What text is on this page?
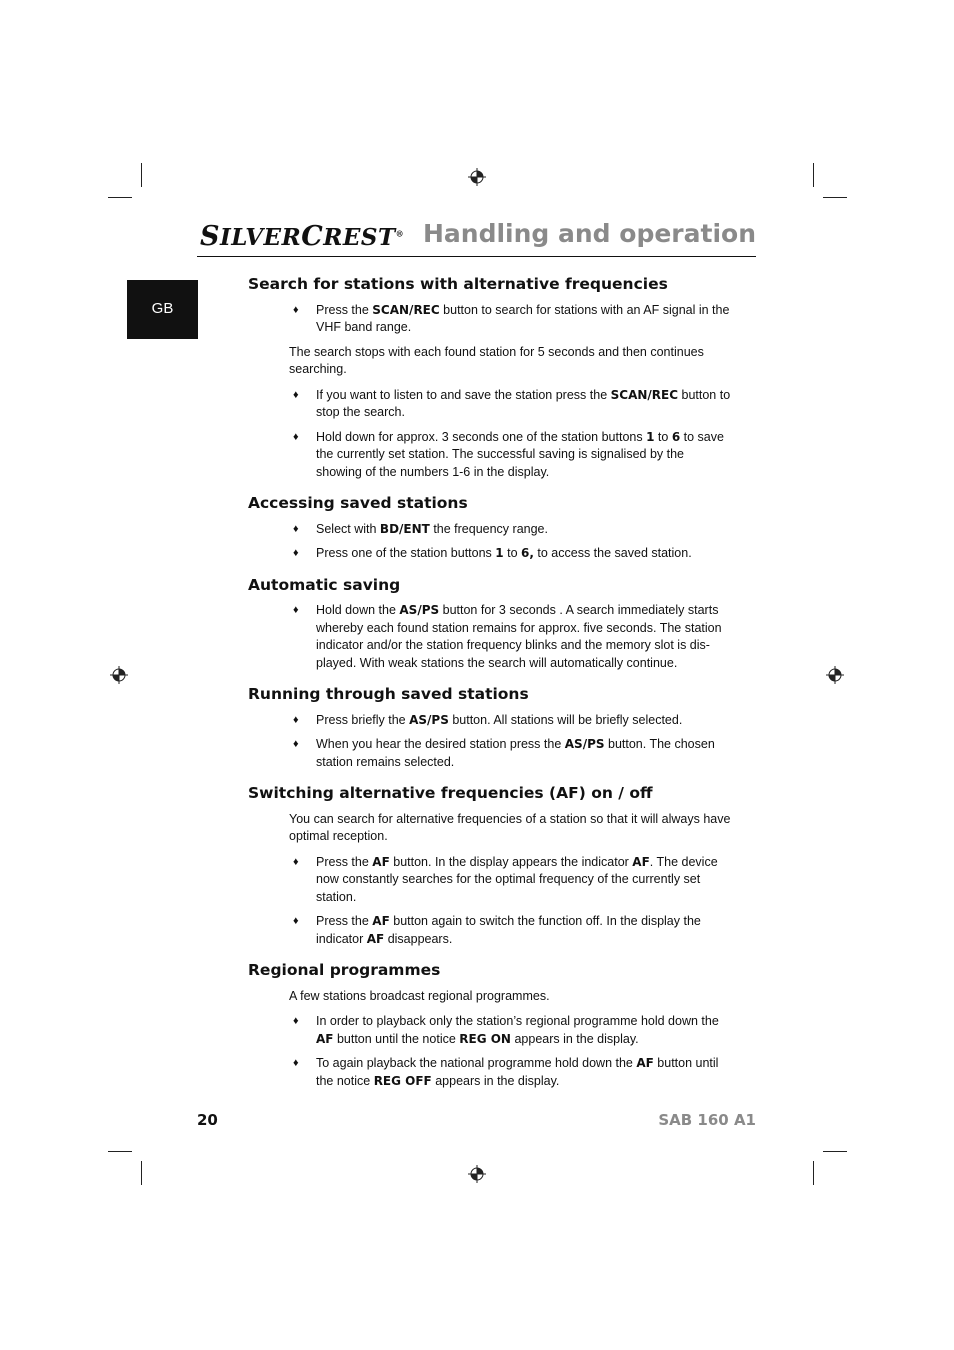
SILVERCREST® Handling and operation
GB
Search for stations with alternative frequencies
♦ Press the SCAN/REC button to search for stations with an AF signal in the VHF band range.

The search stops with each found station for 5 seconds and then continues searching.

♦ If you want to listen to and save the station press the SCAN/REC button to stop the search.
♦ Hold down for approx. 3 seconds one of the station buttons 1 to 6 to save the currently set station. The successful saving is signalised by the showing of the numbers 1-6 in the display.
Accessing saved stations
♦ Select with BD/ENT the frequency range.
♦ Press one of the station buttons 1 to 6, to access the saved station.
Automatic saving
♦ Hold down the AS/PS button for 3 seconds . A search immediately starts whereby each found station remains for approx. five seconds. The station indicator and/or the station frequency blinks and the memory slot is dis-played. With weak stations the search will automatically continue.
Running through saved stations
♦ Press briefly the AS/PS button. All stations will be briefly selected.
♦ When you hear the desired station press the AS/PS button. The chosen station remains selected.
Switching alternative frequencies (AF) on / off

You can search for alternative frequencies of a station so that it will always have optimal reception.

♦ Press the AF button. In the display appears the indicator AF. The device now constantly searches for the optimal frequency of the currently set station.
♦ Press the AF button again to switch the function off. In the display the indicator AF disappears.
Regional programmes

A few stations broadcast regional programmes.

♦ In order to playback only the station’s regional programme hold down the AF button until the notice REG ON appears in the display.
♦ To again playback the national programme hold down the AF button until the notice REG OFF appears in the display.
20	SAB 160 A1
